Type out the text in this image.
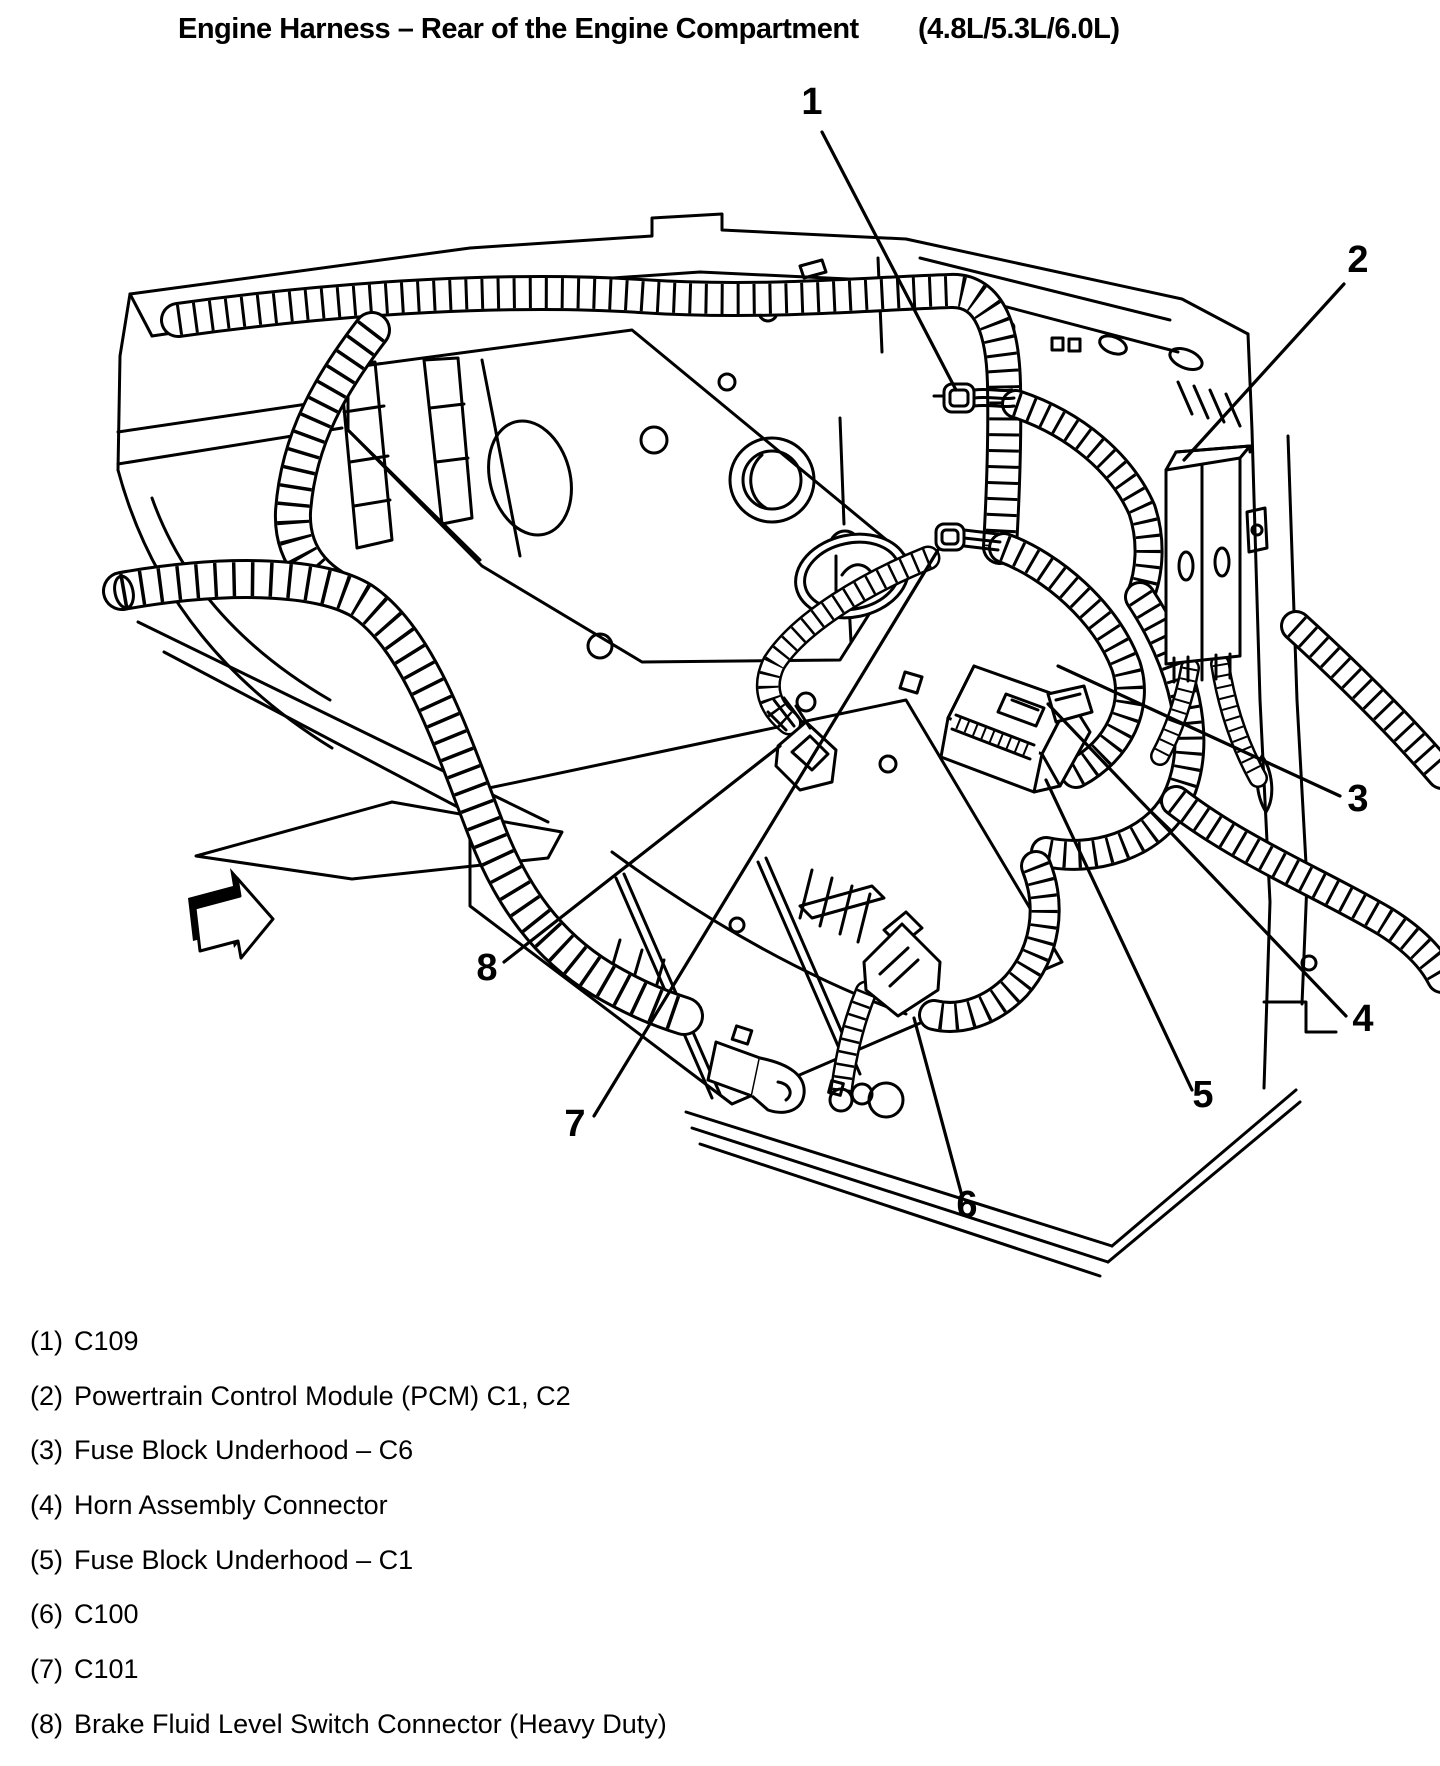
Engine Harness – Rear of the Engine Compartment (4.8L/5.3L/6.0L)
1
2
3
4
5
6
7
8
(1) C109
(2) Powertrain Control Module (PCM) C1, C2
(3) Fuse Block Underhood – C6
(4) Horn Assembly Connector
(5) Fuse Block Underhood – C1
(6) C100
(7) C101
(8) Brake Fluid Level Switch Connector (Heavy Duty)
